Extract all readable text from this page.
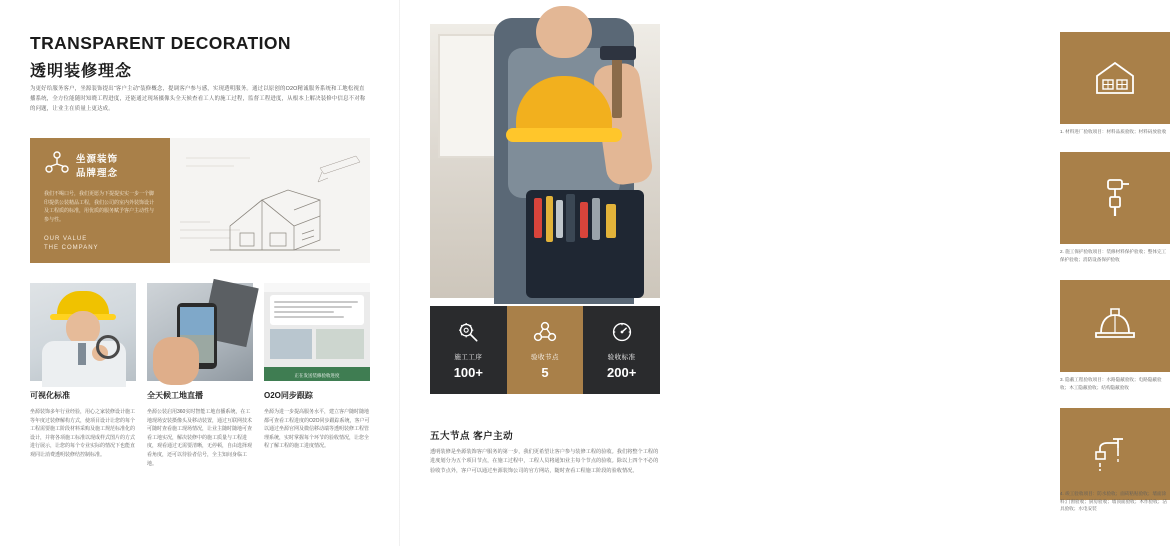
TRANSPARENT DECORATION
透明装修理念
为更好给服务客户，坐源装饰提出“客户主动”装修概念，提调客户参与感，实现透明服务。通过以原创的O2O精诚服务系统和工地松视直播系统，全方位能随时知晓工程进度，还能通过现场摄像头全天候查看工人的施工过程，监督工程进度，从根本上解决装修中信息不对称的问题，让业主在质量上更达成。
坐源装饰
品牌理念
我们不喝口号，我们更愿为下提提实实一步一个脚印提供公装精品工程，我们公司的室内外装饰设计及工程质的标准，用优质的服务赋予客户主动性与参与性。
OUR VALUE
THE COMPANY
可视化标准
坐源装饰多年行业经验，用心之家装修设计施工等年度过装修解构方式，使项目设计让您的每个工程需要施工阶段材料采购及施工规范标准化的设计，并将各项施工标准以现成样式图片的方式进行展示，让您的每个专业实际的情况下也能直观同让消费透明装修结控制标准。
全天候工地直播
坐源公装启用360实时智能工地直播系统，在工地现场安装摄像头及移动装置，通过互联网技术可随时查看施工现场情况，让业主随时随地可查看工地实况，解决装修中的施工质量与工程进度，观看通过无需要清晰，无停顿，自由选择观看角度，还可以待验者信号，全主知间身临工地。
正在发送装修验收进度
O2O同步跟踪
坐源为进一步提高服务水平，建立客户随时随地都可查看工程进度的O2O同步跟踪系统，客户可以通过坐源官网及微信移动端等透明装修工程管理系统，实时掌握每个环节的验收情况，让您全程了解工程的施工进度情况。
施工工序
100+
验收节点
5
验收标准
200+
五大节点 客户主动
透明装修是坐源装饰客户服务的第一步，我们更希望让客户参与装修工程的验收。我们将整个工程的进度划分为五个项目节点，在施工过程中，工程人员将通知业主每个节点的验收。除以上四个不必的验收节点外，客户可以通过坐源装饰公司的官方网站，随时查看工程施工阶段的验收情况。
1. 材料进厂验收项目：材料品质验收；材料码放验收
2. 施工保护验收项目：装修材料保护验收；整体完工保护验收；消防设备保护验收
3. 隐蔽工程验收项目：水路隐蔽验收；电路隐蔽验收；木工隐蔽验收；结构隐蔽验收
4. 竣工验收项目：防水验收；面砖粘贴验收；墙面涂料;门窗验收；厨房验收；墙顶面验收；木作验收；洁具验收；水电安装
